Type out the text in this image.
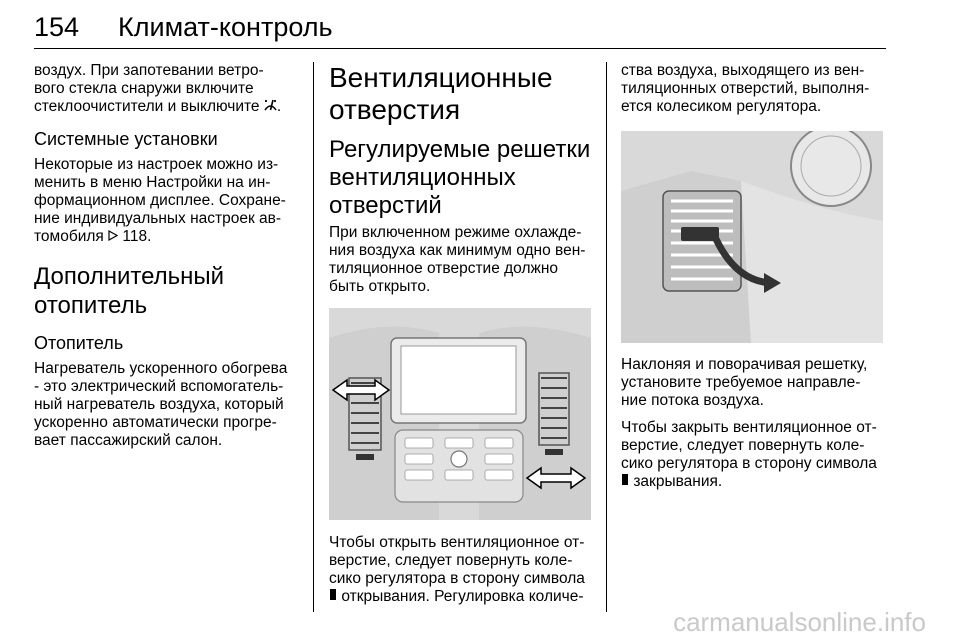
154 Климат-контроль

воздух. При запотевании ветро-
вого стекла снаружи включите
стеклоочистители и выключите .

Системные установки

Некоторые из настроек можно из-
менить в меню Настройки на ин-
формационном дисплее. Сохране-
ние индивидуальных настроек ав-
томобиля 118.

Дополнительный
отопитель
Отопитель

Нагреватель ускоренного обогрева
- это электрический вспомогатель-
ный нагреватель воздуха, который
ускоренно автоматически прогре-
вает пассажирский салон.

Вентиляционные
отверстия
Регулируемые решетки
вентиляционных
отверстий

При включенном режиме охлажде-
ния воздуха как минимум одно вен-
тиляционное отверстие должно
быть открыто.

Чтобы открыть вентиляционное от-
верстие, следует повернуть коле-
сико регулятора в сторону символа
открывания. Регулировка количе-

ства воздуха, выходящего из вен-
тиляционных отверстий, выполня-
ется колесиком регулятора.

Наклоняя и поворачивая решетку,
установите требуемое направле-
ние потока воздуха.

Чтобы закрыть вентиляционное от-
верстие, следует повернуть коле-
сико регулятора в сторону символа
закрывания.

carmanualsonline.info
